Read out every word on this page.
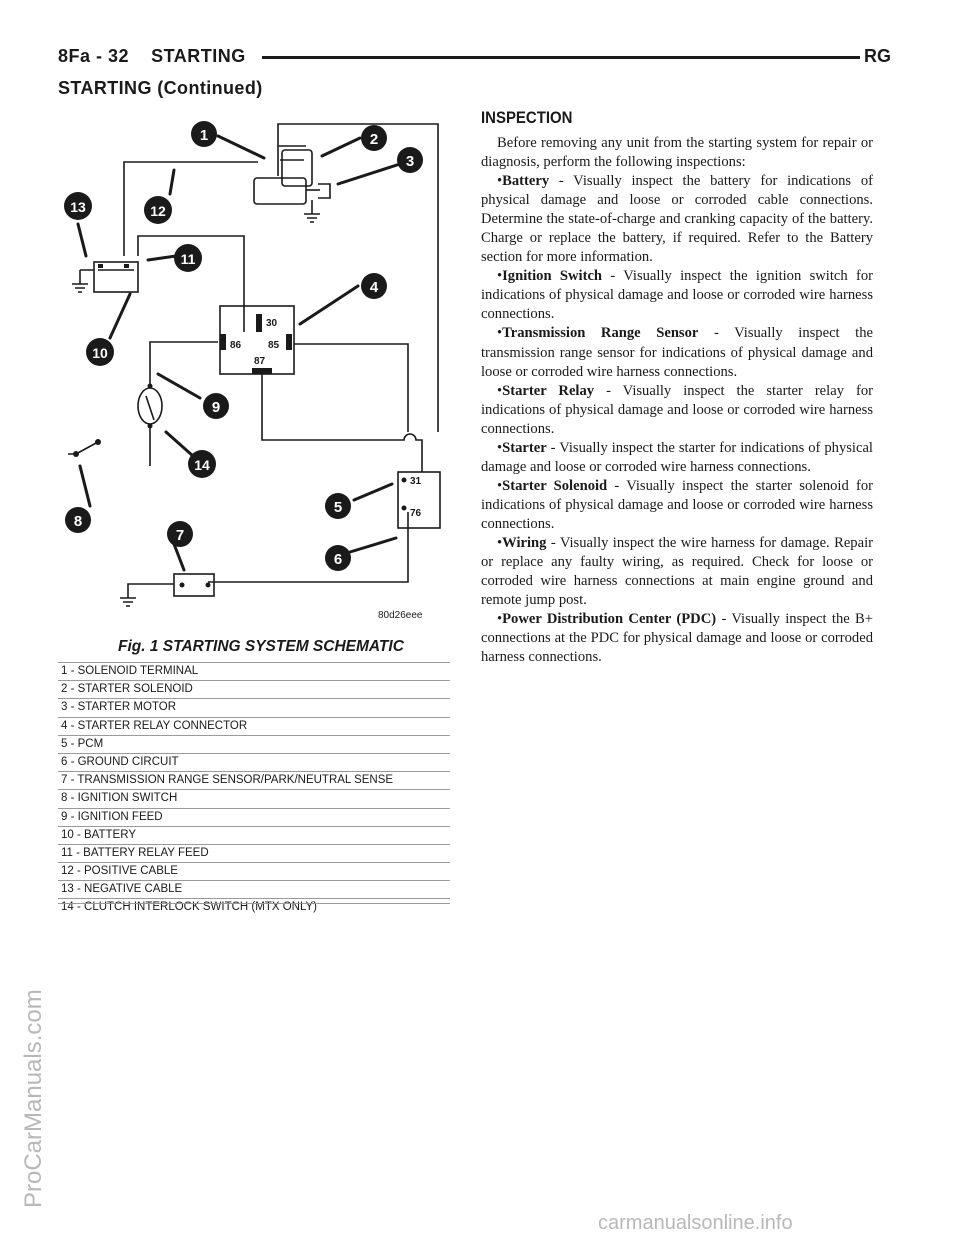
8Fa - 32 STARTING	RG
STARTING (Continued)
30
86	85
87
31
76
1	2
3
4
5
6
7
8
9
10
11
12
13
14
80d26eee
Fig. 1 STARTING SYSTEM SCHEMATIC
1 - SOLENOID TERMINAL
2 - STARTER SOLENOID
3 - STARTER MOTOR
4 - STARTER RELAY CONNECTOR
5 - PCM
6 - GROUND CIRCUIT
7 - TRANSMISSION RANGE SENSOR/PARK/NEUTRAL SENSE
8 - IGNITION SWITCH
9 - IGNITION FEED
10 - BATTERY
11 - BATTERY RELAY FEED
12 - POSITIVE CABLE
13 - NEGATIVE CABLE
14 - CLUTCH INTERLOCK SWITCH (MTX ONLY)
INSPECTION

Before removing any unit from the starting system for repair or diagnosis, perform the following inspections:

•Battery - Visually inspect the battery for indications of physical damage and loose or corroded cable connections. Determine the state-of-charge and cranking capacity of the battery. Charge or replace the battery, if required. Refer to the Battery section for more information.

•Ignition Switch - Visually inspect the ignition switch for indications of physical damage and loose or corroded wire harness connections.

•Transmission Range Sensor - Visually inspect the transmission range sensor for indications of physical damage and loose or corroded wire harness connections.

•Starter Relay - Visually inspect the starter relay for indications of physical damage and loose or corroded wire harness connections.

•Starter - Visually inspect the starter for indications of physical damage and loose or corroded wire harness connections.

•Starter Solenoid - Visually inspect the starter solenoid for indications of physical damage and loose or corroded wire harness connections.

•Wiring - Visually inspect the wire harness for damage. Repair or replace any faulty wiring, as required. Check for loose or corroded wire harness connections at main engine ground and remote jump post.

•Power Distribution Center (PDC) - Visually inspect the B+ connections at the PDC for physical damage and loose or corroded harness connections.

ProCarManuals.com
carmanualsonline.info
